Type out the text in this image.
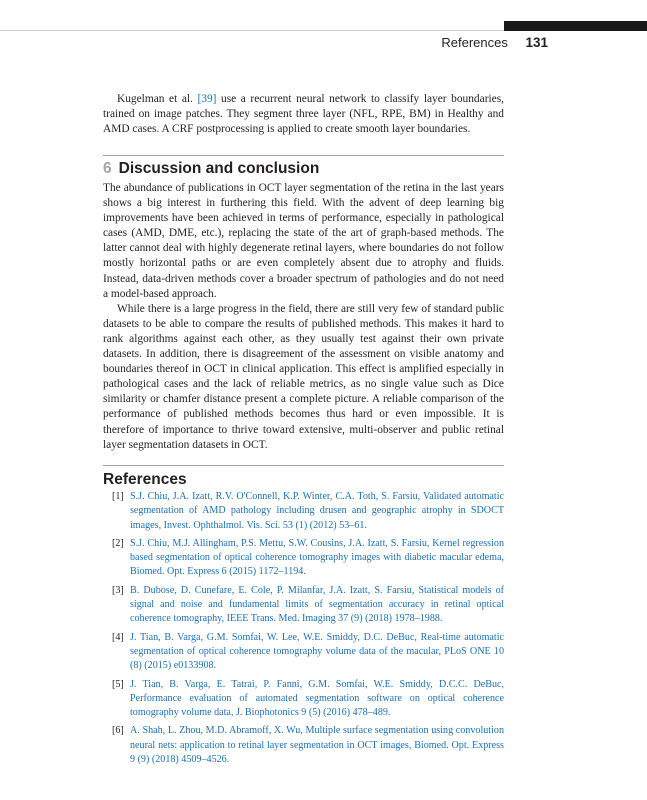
References 131
Kugelman et al. [39] use a recurrent neural network to classify layer boundaries, trained on image patches. They segment three layer (NFL, RPE, BM) in Healthy and AMD cases. A CRF postprocessing is applied to create smooth layer boundaries.
6 Discussion and conclusion

The abundance of publications in OCT layer segmentation of the retina in the last years shows a big interest in furthering this field. With the advent of deep learning big improvements have been achieved in terms of performance, especially in pathological cases (AMD, DME, etc.), replacing the state of the art of graph-based methods. The latter cannot deal with highly degenerate retinal layers, where boundaries do not follow mostly horizontal paths or are even completely absent due to atrophy and fluids. Instead, data-driven methods cover a broader spectrum of pathologies and do not need a model-based approach.

While there is a large progress in the field, there are still very few of standard public datasets to be able to compare the results of published methods. This makes it hard to rank algorithms against each other, as they usually test against their own private datasets. In addition, there is disagreement of the assessment on visible anatomy and boundaries thereof in OCT in clinical application. This effect is amplified especially in pathological cases and the lack of reliable metrics, as no single value such as Dice similarity or chamfer distance present a complete picture. A reliable comparison of the performance of published methods becomes thus hard or even impossible. It is therefore of importance to thrive toward extensive, multi-observer and public retinal layer segmentation datasets in OCT.

References
[1] S.J. Chiu, J.A. Izatt, R.V. O'Connell, K.P. Winter, C.A. Toth, S. Farsiu, Validated automatic segmentation of AMD pathology including drusen and geographic atrophy in SDOCT images, Invest. Ophthalmol. Vis. Sci. 53 (1) (2012) 53–61.
[2] S.J. Chiu, M.J. Allingham, P.S. Mettu, S.W. Cousins, J.A. Izatt, S. Farsiu, Kernel regression based segmentation of optical coherence tomography images with diabetic macular edema, Biomed. Opt. Express 6 (2015) 1172–1194.
[3] B. Dubose, D. Cunefare, E. Cole, P. Milanfar, J.A. Izatt, S. Farsiu, Statistical models of signal and noise and fundamental limits of segmentation accuracy in retinal optical coherence tomography, IEEE Trans. Med. Imaging 37 (9) (2018) 1978–1988.
[4] J. Tian, B. Varga, G.M. Somfai, W. Lee, W.E. Smiddy, D.C. DeBuc, Real-time automatic segmentation of optical coherence tomography volume data of the macular, PLoS ONE 10 (8) (2015) e0133908.
[5] J. Tian, B. Varga, E. Tatrai, P. Fanni, G.M. Somfai, W.E. Smiddy, D.C.C. DeBuc, Performance evaluation of automated segmentation software on optical coherence tomography volume data, J. Biophotonics 9 (5) (2016) 478–489.
[6] A. Shah, L. Zhou, M.D. Abramoff, X. Wu, Multiple surface segmentation using convolution neural nets: application to retinal layer segmentation in OCT images, Biomed. Opt. Express 9 (9) (2018) 4509–4526.
